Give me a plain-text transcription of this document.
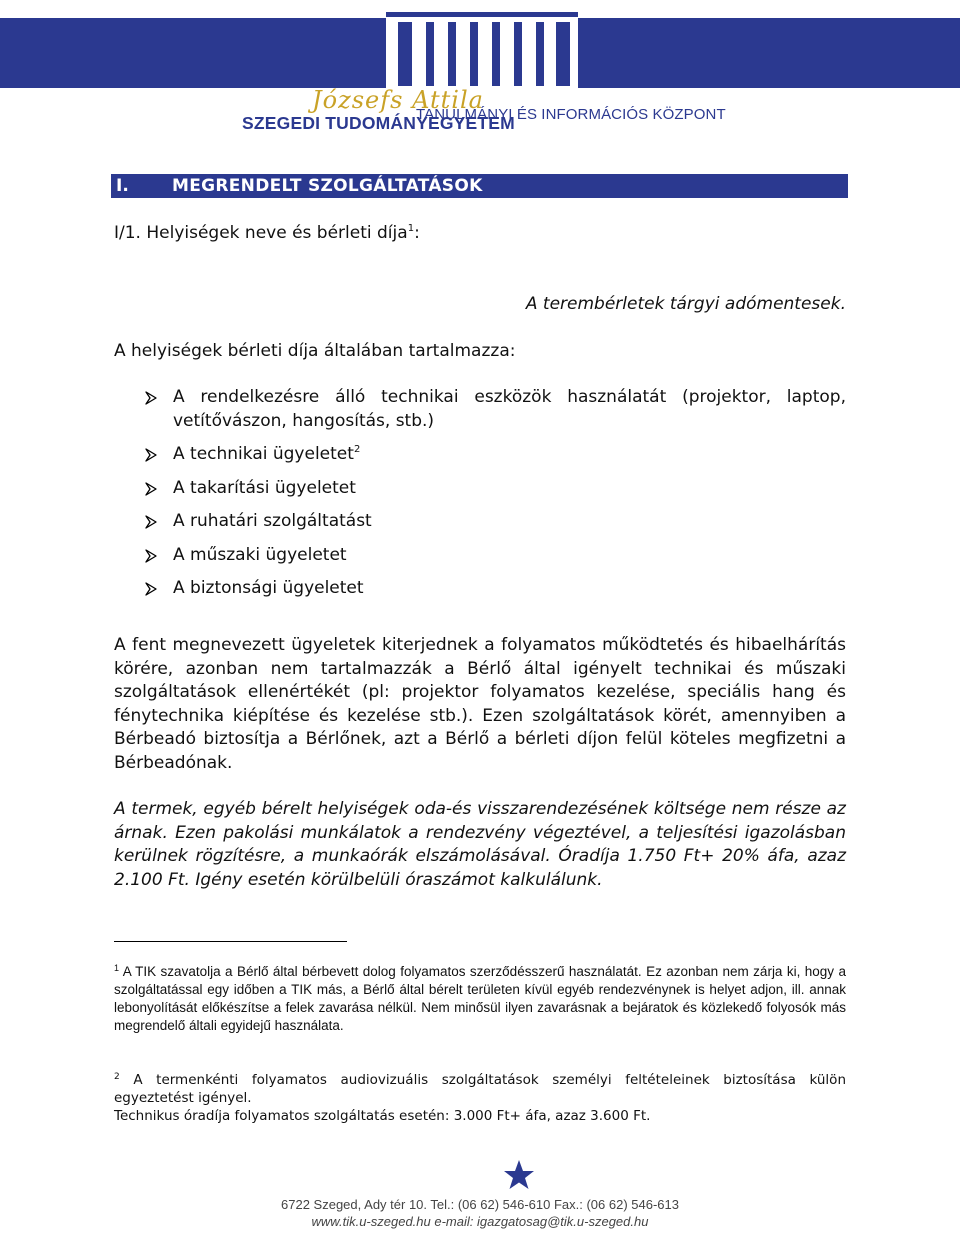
Józsefs Attila
SZEGEDI TUDOMÁNYEGYETEM
TANULMÁNYI ÉS INFORMÁCIÓS KÖZPONT
I.	MEGRENDELT SZOLGÁLTATÁSOK

I/1. Helyiségek neve és bérleti díja$^1$:

A terembérletek tárgyi adómentesek.

A helyiségek bérleti díja általában tartalmazza:

A rendelkezésre álló technikai eszközök használatát (projektor, laptop, vetítővászon, hangosítás, stb.)
A technikai ügyeletet$^2$
A takarítási ügyeletet
A ruhatári szolgáltatást
A műszaki ügyeletet
A biztonsági ügyeletet

A fent megnevezett ügyeletek kiterjednek a folyamatos működtetés és hibaelhárítás körére, azonban nem tartalmazzák a Bérlő által igényelt technikai és műszaki szolgáltatások ellenértékét (pl: projektor folyamatos kezelése, speciális hang és fénytechnika kiépítése és kezelése stb.). Ezen szolgáltatások körét, amennyiben a Bérbeadó biztosítja a Bérlőnek, azt a Bérlő a bérleti díjon felül köteles megfizetni a Bérbeadónak.

A termek, egyéb bérelt helyiségek oda-és visszarendezésének költsége nem része az árnak. Ezen pakolási munkálatok a rendezvény végeztével, a teljesítési igazolásban kerülnek rögzítésre, a munkaórák elszámolásával. Óradíja 1.750 Ft+ 20% áfa, azaz 2.100 Ft. Igény esetén körülbelüli óraszámot kalkulálunk.

$^1$ A TIK szavatolja a Bérlő által bérbevett dolog folyamatos szerződésszerű használatát. Ez azonban nem zárja ki, hogy a szolgáltatással egy időben a TIK más, a Bérlő által bérelt területen kívül egyéb rendezvénynek is helyet adjon, ill. annak lebonyolítását előkészítse a felek zavarása nélkül. Nem minősül ilyen zavarásnak a bejáratok és közlekedő folyosók más megrendelő általi egyidejű használata.

$^2$ A termenkénti folyamatos audiovizuális szolgáltatások személyi feltételeinek biztosítása külön egyeztetést igényel.
Technikus óradíja folyamatos szolgáltatás esetén: 3.000 Ft+ áfa, azaz 3.600 Ft.

6722 Szeged, Ady tér 10. Tel.: (06 62) 546-610 Fax.: (06 62) 546-613
www.tik.u-szeged.hu e-mail: igazgatosag@tik.u-szeged.hu
